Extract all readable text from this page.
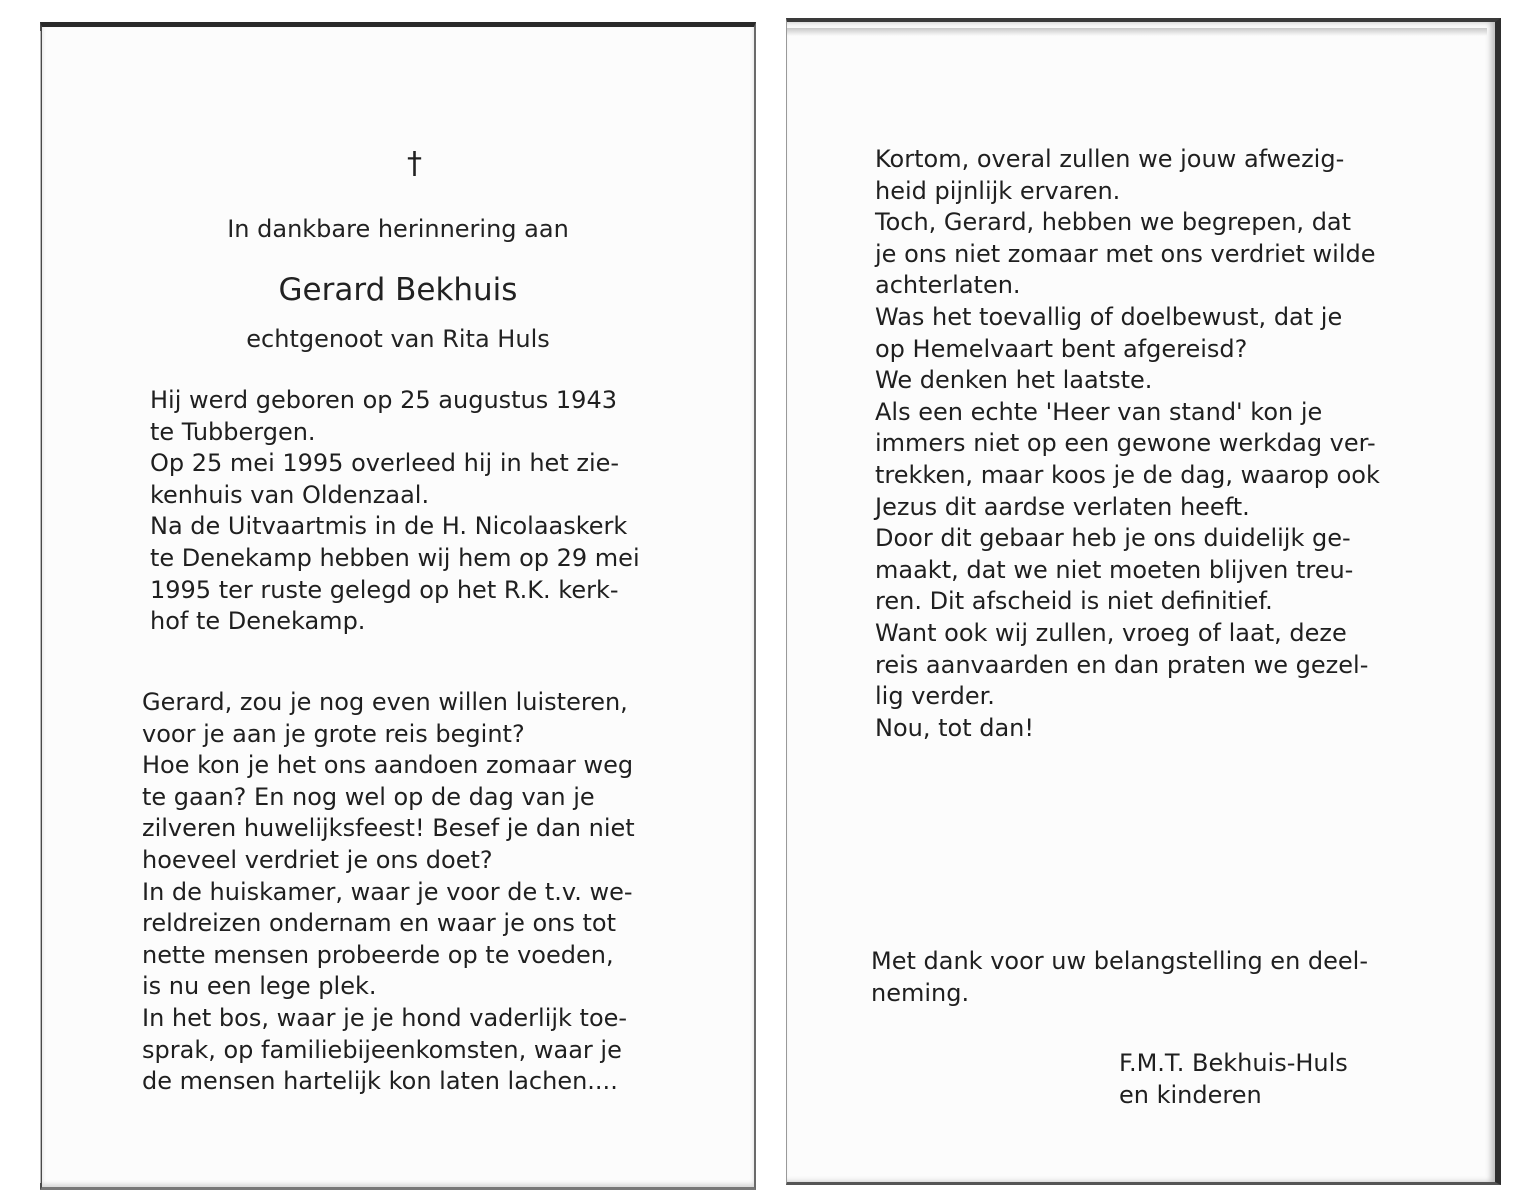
†
In dankbare herinnering aan
Gerard Bekhuis
echtgenoot van Rita Huls
Hij werd geboren op 25 augustus 1943
te Tubbergen.
Op 25 mei 1995 overleed hij in het zie-
kenhuis van Oldenzaal.
Na de Uitvaartmis in de H. Nicolaaskerk
te Denekamp hebben wij hem op 29 mei
1995 ter ruste gelegd op het R.K. kerk-
hof te Denekamp.
Gerard, zou je nog even willen luisteren,
voor je aan je grote reis begint?
Hoe kon je het ons aandoen zomaar weg
te gaan? En nog wel op de dag van je
zilveren huwelijksfeest! Besef je dan niet
hoeveel verdriet je ons doet?
In de huiskamer, waar je voor de t.v. we-
reldreizen ondernam en waar je ons tot
nette mensen probeerde op te voeden,
is nu een lege plek.
In het bos, waar je je hond vaderlijk toe-
sprak, op familiebijeenkomsten, waar je
de mensen hartelijk kon laten lachen....
Kortom, overal zullen we jouw afwezig-
heid pijnlijk ervaren.
Toch, Gerard, hebben we begrepen, dat
je ons niet zomaar met ons verdriet wilde
achterlaten.
Was het toevallig of doelbewust, dat je
op Hemelvaart bent afgereisd?
We denken het laatste.
Als een echte 'Heer van stand' kon je
immers niet op een gewone werkdag ver-
trekken, maar koos je de dag, waarop ook
Jezus dit aardse verlaten heeft.
Door dit gebaar heb je ons duidelijk ge-
maakt, dat we niet moeten blijven treu-
ren. Dit afscheid is niet definitief.
Want ook wij zullen, vroeg of laat, deze
reis aanvaarden en dan praten we gezel-
lig verder.
Nou, tot dan!
Met dank voor uw belangstelling en deel-
neming.
F.M.T. Bekhuis-Huls
en kinderen
